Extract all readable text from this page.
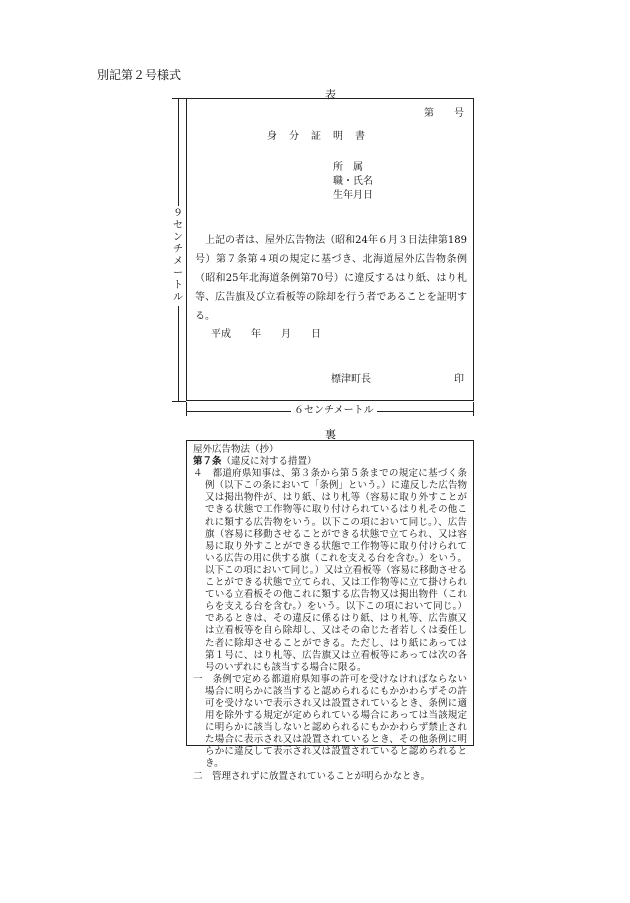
別記第２号様式
表
第　　号
身　分　証　明　書
所　属
職・氏名
生年月日
上記の者は、屋外広告物法（昭和24年６月３日法律第189号）第７条第４項の規定に基づき、北海道屋外広告物条例（昭和25年北海道条例第70号）に違反するはり紙、はり札等、広告旗及び立看板等の除却を行う者であることを証明する。
平成　　年　　月　　日
標津町長	印
９センチメートル
６センチメートル
裏
屋外広告物法（抄）
第７条（違反に対する措置）
４　都道府県知事は、第３条から第５条までの規定に基づく条例（以下この条において「条例」という。）に違反した広告物又は掲出物件が、はり紙、はり札等（容易に取り外すことができる状態で工作物等に取り付けられているはり札その他これに類する広告物をいう。以下この項において同じ。）、広告旗（容易に移動させることができる状態で立てられ、又は容易に取り外すことができる状態で工作物等に取り付けられている広告の用に供する旗（これを支える台を含む。）をいう。以下この項において同じ。）又は立看板等（容易に移動させることができる状態で立てられ、又は工作物等に立て掛けられている立看板その他これに類する広告物又は掲出物件（これらを支える台を含む。）をいう。以下この項において同じ。）であるときは、その違反に係るはり紙、はり札等、広告旗又は立看板等を自ら除却し、又はその命じた者若しくは委任した者に除却させることができる。ただし、はり紙にあっては第１号に、はり札等、広告旗又は立看板等にあっては次の各号のいずれにも該当する場合に限る。
一　条例で定める都道府県知事の許可を受けなければならない場合に明らかに該当すると認められるにもかかわらずその許可を受けないで表示され又は設置されているとき、条例に適用を除外する規定が定められている場合にあっては当該規定に明らかに該当しないと認められるにもかかわらず禁止された場合に表示され又は設置されているとき、その他条例に明らかに違反して表示され又は設置されていると認められるとき。
二　管理されずに放置されていることが明らかなとき。
